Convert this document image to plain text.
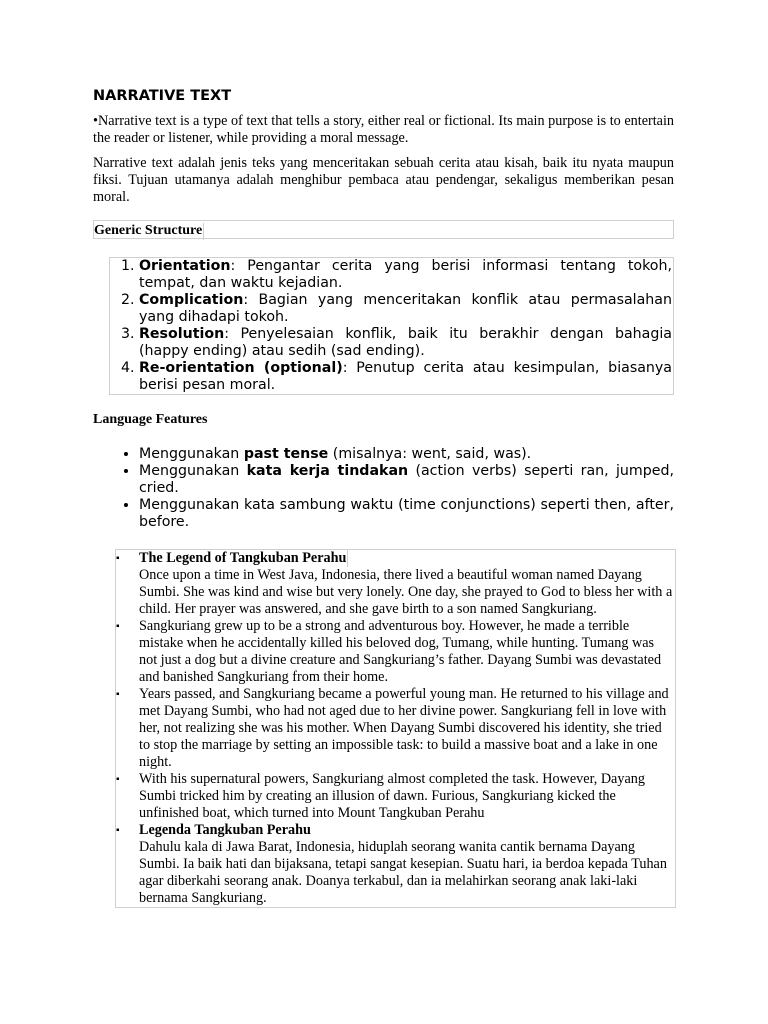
NARRATIVE TEXT

•Narrative text is a type of text that tells a story, either real or fictional. Its main purpose is to entertain the reader or listener, while providing a moral message.

Narrative text adalah jenis teks yang menceritakan sebuah cerita atau kisah, baik itu nyata maupun fiksi. Tujuan utamanya adalah menghibur pembaca atau pendengar, sekaligus memberikan pesan moral.

Generic Structure
1. Orientation: Pengantar cerita yang berisi informasi tentang tokoh, tempat, dan waktu kejadian.
2. Complication: Bagian yang menceritakan konflik atau permasalahan yang dihadapi tokoh.
3. Resolution: Penyelesaian konflik, baik itu berakhir dengan bahagia (happy ending) atau sedih (sad ending).
4. Re-orientation (optional): Penutup cerita atau kesimpulan, biasanya berisi pesan moral.
Language Features
• Menggunakan past tense (misalnya: went, said, was).
• Menggunakan kata kerja tindakan (action verbs) seperti ran, jumped, cried.
• Menggunakan kata sambung waktu (time conjunctions) seperti then, after, before.
▪ The Legend of Tangkuban Perahu
Once upon a time in West Java, Indonesia, there lived a beautiful woman named Dayang Sumbi. She was kind and wise but very lonely. One day, she prayed to God to bless her with a child. Her prayer was answered, and she gave birth to a son named Sangkuriang.
▪ Sangkuriang grew up to be a strong and adventurous boy. However, he made a terrible mistake when he accidentally killed his beloved dog, Tumang, while hunting. Tumang was not just a dog but a divine creature and Sangkuriang’s father. Dayang Sumbi was devastated and banished Sangkuriang from their home.
▪ Years passed, and Sangkuriang became a powerful young man. He returned to his village and met Dayang Sumbi, who had not aged due to her divine power. Sangkuriang fell in love with her, not realizing she was his mother. When Dayang Sumbi discovered his identity, she tried to stop the marriage by setting an impossible task: to build a massive boat and a lake in one night.
▪ With his supernatural powers, Sangkuriang almost completed the task. However, Dayang Sumbi tricked him by creating an illusion of dawn. Furious, Sangkuriang kicked the unfinished boat, which turned into Mount Tangkuban Perahu
▪ Legenda Tangkuban Perahu
Dahulu kala di Jawa Barat, Indonesia, hiduplah seorang wanita cantik bernama Dayang Sumbi. Ia baik hati dan bijaksana, tetapi sangat kesepian. Suatu hari, ia berdoa kepada Tuhan agar diberkahi seorang anak. Doanya terkabul, dan ia melahirkan seorang anak laki-laki bernama Sangkuriang.
